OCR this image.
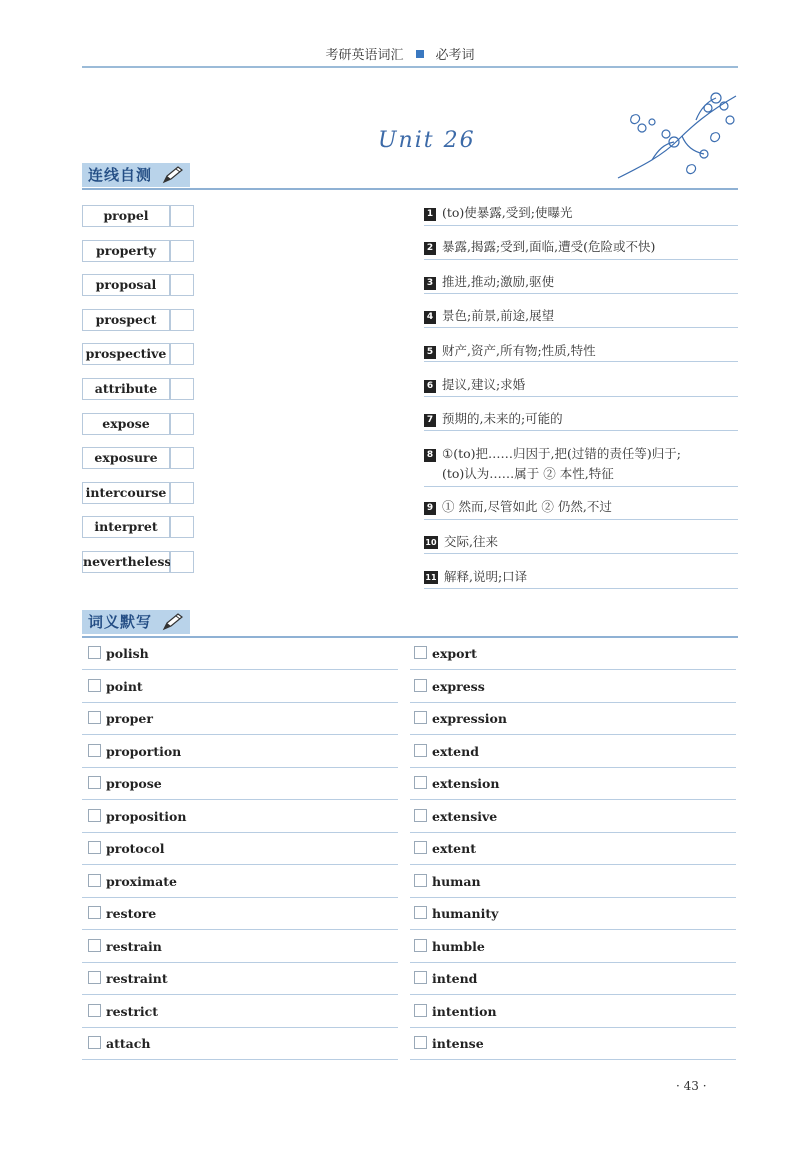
考研英语词汇 必考词
Unit 26
连线自测
propel
property
proposal
prospect
prospective
attribute
expose
exposure
intercourse
interpret
nevertheless
1 (to)使暴露,受到;使曝光
2 暴露,揭露;受到,面临,遭受(危险或不快)
3 推进,推动;激励,驱使
4 景色;前景,前途,展望
5 财产,资产,所有物;性质,特性
6 提议,建议;求婚
7 预期的,未来的;可能的
8 ①(to)把……归因于,把(过错的责任等)归于;
(to)认为……属于 ② 本性,特征
9 ① 然而,尽管如此 ② 仍然,不过
10 交际,往来
11 解释,说明;口译
词义默写
polish
point
proper
proportion
propose
proposition
protocol
proximate
restore
restrain
restraint
restrict
attach
export
express
expression
extend
extension
extensive
extent
human
humanity
humble
intend
intention
intense
· 43 ·
